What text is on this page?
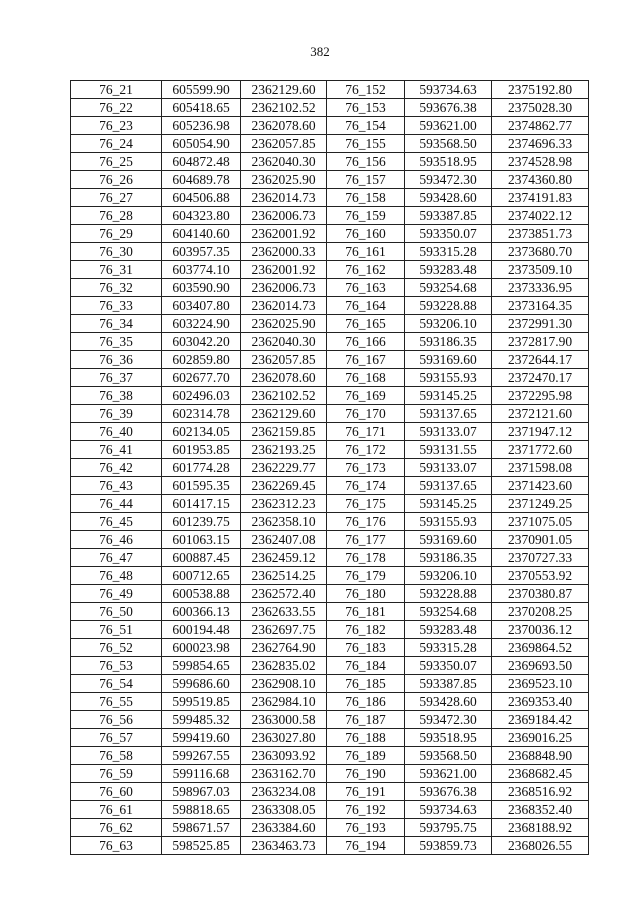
382
76_21	605599.90	2362129.60	76_152	593734.63	2375192.80
76_22	605418.65	2362102.52	76_153	593676.38	2375028.30
76_23	605236.98	2362078.60	76_154	593621.00	2374862.77
76_24	605054.90	2362057.85	76_155	593568.50	2374696.33
76_25	604872.48	2362040.30	76_156	593518.95	2374528.98
76_26	604689.78	2362025.90	76_157	593472.30	2374360.80
76_27	604506.88	2362014.73	76_158	593428.60	2374191.83
76_28	604323.80	2362006.73	76_159	593387.85	2374022.12
76_29	604140.60	2362001.92	76_160	593350.07	2373851.73
76_30	603957.35	2362000.33	76_161	593315.28	2373680.70
76_31	603774.10	2362001.92	76_162	593283.48	2373509.10
76_32	603590.90	2362006.73	76_163	593254.68	2373336.95
76_33	603407.80	2362014.73	76_164	593228.88	2373164.35
76_34	603224.90	2362025.90	76_165	593206.10	2372991.30
76_35	603042.20	2362040.30	76_166	593186.35	2372817.90
76_36	602859.80	2362057.85	76_167	593169.60	2372644.17
76_37	602677.70	2362078.60	76_168	593155.93	2372470.17
76_38	602496.03	2362102.52	76_169	593145.25	2372295.98
76_39	602314.78	2362129.60	76_170	593137.65	2372121.60
76_40	602134.05	2362159.85	76_171	593133.07	2371947.12
76_41	601953.85	2362193.25	76_172	593131.55	2371772.60
76_42	601774.28	2362229.77	76_173	593133.07	2371598.08
76_43	601595.35	2362269.45	76_174	593137.65	2371423.60
76_44	601417.15	2362312.23	76_175	593145.25	2371249.25
76_45	601239.75	2362358.10	76_176	593155.93	2371075.05
76_46	601063.15	2362407.08	76_177	593169.60	2370901.05
76_47	600887.45	2362459.12	76_178	593186.35	2370727.33
76_48	600712.65	2362514.25	76_179	593206.10	2370553.92
76_49	600538.88	2362572.40	76_180	593228.88	2370380.87
76_50	600366.13	2362633.55	76_181	593254.68	2370208.25
76_51	600194.48	2362697.75	76_182	593283.48	2370036.12
76_52	600023.98	2362764.90	76_183	593315.28	2369864.52
76_53	599854.65	2362835.02	76_184	593350.07	2369693.50
76_54	599686.60	2362908.10	76_185	593387.85	2369523.10
76_55	599519.85	2362984.10	76_186	593428.60	2369353.40
76_56	599485.32	2363000.58	76_187	593472.30	2369184.42
76_57	599419.60	2363027.80	76_188	593518.95	2369016.25
76_58	599267.55	2363093.92	76_189	593568.50	2368848.90
76_59	599116.68	2363162.70	76_190	593621.00	2368682.45
76_60	598967.03	2363234.08	76_191	593676.38	2368516.92
76_61	598818.65	2363308.05	76_192	593734.63	2368352.40
76_62	598671.57	2363384.60	76_193	593795.75	2368188.92
76_63	598525.85	2363463.73	76_194	593859.73	2368026.55
